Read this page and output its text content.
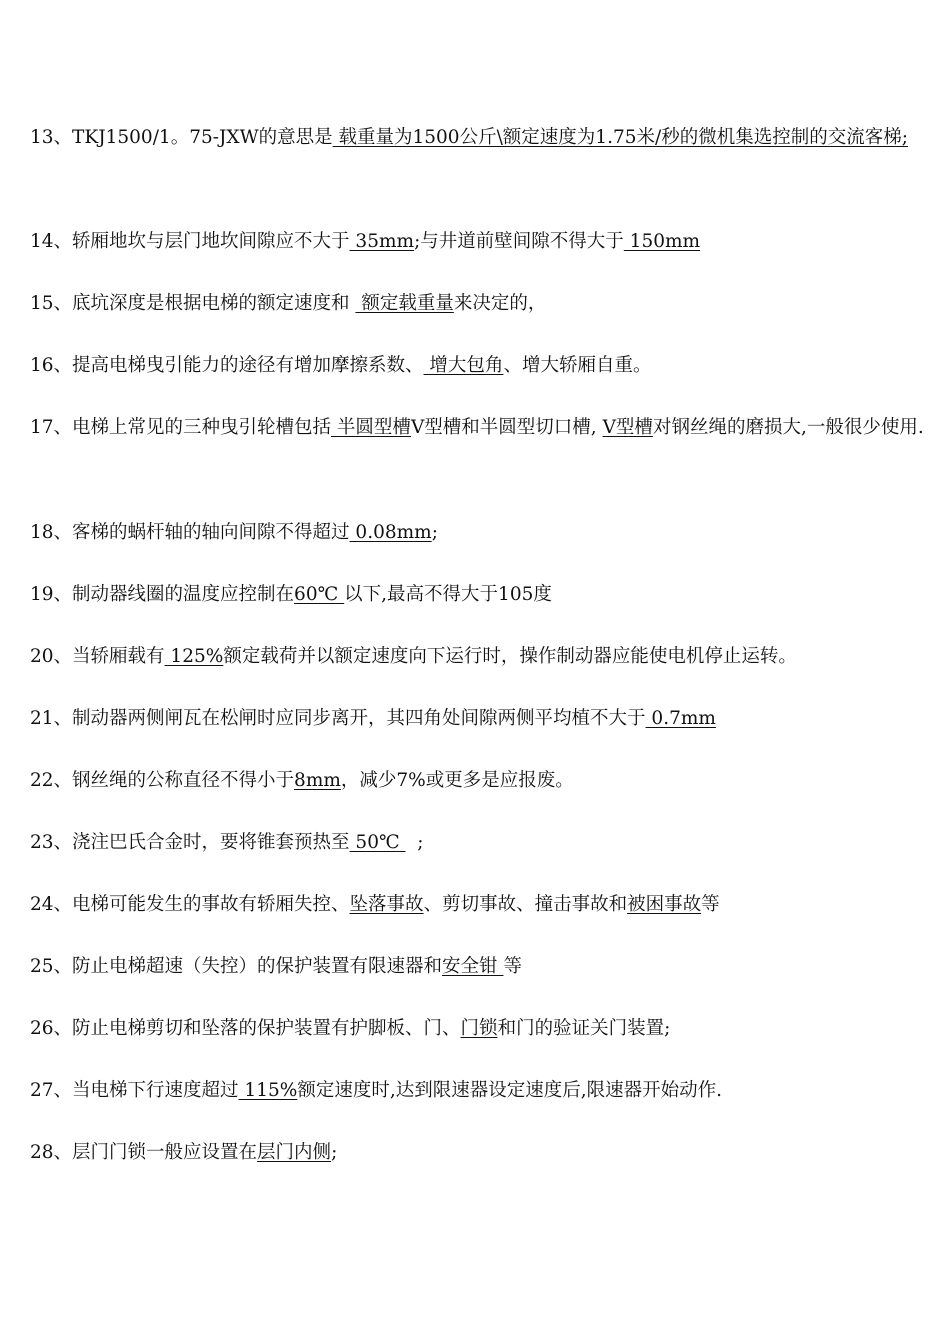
13、TKJ1500/1。75-JXW的意思是 载重量为1500公斤\额定速度为1.75米/秒的微机集选控制的交流客梯;
14、轿厢地坎与层门地坎间隙应不大于 35mm;与井道前壁间隙不得大于 150mm
15、底坑深度是根据电梯的额定速度和  额定载重量来决定的，
16、提高电梯曳引能力的途径有增加摩擦系数、 增大包角、增大轿厢自重。
17、电梯上常见的三种曳引轮槽包括 半圆型槽V型槽和半圆型切口槽, V型槽对钢丝绳的磨损大,一般很少使用.
18、客梯的蜗杆轴的轴向间隙不得超过 0.08mm;
19、制动器线圈的温度应控制在60℃ 以下,最高不得大于105度
20、当轿厢载有 125%额定载荷并以额定速度向下运行时，操作制动器应能使电机停止运转。
21、制动器两侧闸瓦在松闸时应同步离开，其四角处间隙两侧平均植不大于 0.7mm
22、钢丝绳的公称直径不得小于8mm，减少7%或更多是应报废。
23、浇注巴氏合金时，要将锥套预热至 50℃   ;
24、电梯可能发生的事故有轿厢失控、坠落事故、剪切事故、撞击事故和被困事故等
25、防止电梯超速（失控）的保护装置有限速器和安全钳 等
26、防止电梯剪切和坠落的保护装置有护脚板、门、门锁和门的验证关门装置;
27、当电梯下行速度超过 115%额定速度时,达到限速器设定速度后,限速器开始动作.
28、层门门锁一般应设置在层门内侧;
